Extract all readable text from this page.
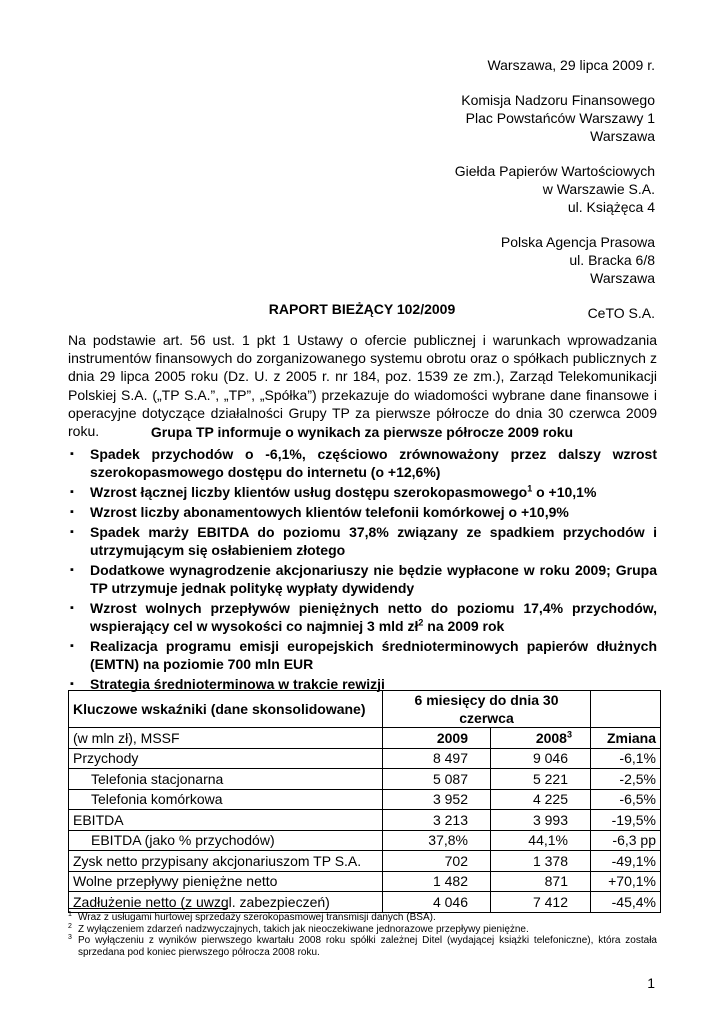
Warszawa, 29 lipca 2009 r.
Komisja Nadzoru Finansowego
Plac Powstańców Warszawy 1
Warszawa
Giełda Papierów Wartościowych
w Warszawie S.A.
ul. Książęca 4
Polska Agencja Prasowa
ul. Bracka 6/8
Warszawa
CeTO S.A.
RAPORT BIEŻĄCY 102/2009
Na podstawie art. 56 ust. 1 pkt 1 Ustawy o ofercie publicznej i warunkach wprowadzania instrumentów finansowych do zorganizowanego systemu obrotu oraz o spółkach publicznych z dnia 29 lipca 2005 roku (Dz. U. z 2005 r. nr 184, poz. 1539 ze zm.), Zarząd Telekomunikacji Polskiej S.A. („TP S.A.”, „TP”, „Spółka”) przekazuje do wiadomości wybrane dane finansowe i operacyjne dotyczące działalności Grupy TP za pierwsze półrocze do dnia 30 czerwca 2009 roku.	Grupa TP informuje o wynikach za pierwsze półrocze 2009 roku
▪ Spadek przychodów o -6,1%, częściowo zrównoważony przez dalszy wzrost szerokopasmowego dostępu do internetu (o +12,6%)
▪ Wzrost łącznej liczby klientów usług dostępu szerokopasmowego$^1$ o +10,1%
▪ Wzrost liczby abonamentowych klientów telefonii komórkowej o +10,9%
▪ Spadek marży EBITDA do poziomu 37,8% związany ze spadkiem przychodów i utrzymującym się osłabieniem złotego
▪ Dodatkowe wynagrodzenie akcjonariuszy nie będzie wypłacone w roku 2009; Grupa TP utrzymuje jednak politykę wypłaty dywidendy
▪ Wzrost wolnych przepływów pieniężnych netto do poziomu 17,4% przychodów, wspierający cel w wysokości co najmniej 3 mld $zł^2$ na 2009 rok
▪ Realizacja programu emisji europejskich średnioterminowych papierów dłużnych (EMTN) na poziomie 700 mln EUR
▪ Strategia średnioterminowa w trakcie rewizji
Kluczowe wskaźniki (dane skonsolidowane)	6 miesięcy do dnia 30 czerwca		
(w mln zł), MSSF	2009	2008$^3$	Zmiana
Przychody	8 497	9 046	-6,1%
Telefonia stacjonarna	5 087	5 221	-2,5%
Telefonia komórkowa	3 952	4 225	-6,5%
EBITDA	3 213	3 993	-19,5%
EBITDA (jako % przychodów)	37,8%	44,1%	-6,3 pp
Zysk netto przypisany akcjonariuszom TP S.A.	702	1 378	-49,1%
Wolne przepływy pieniężne netto	1 482	871	+70,1%
Zadłużenie netto (z uwzgl. zabezpieczeń)	4 046	7 412	-45,4%
1 Wraz z usługami hurtowej sprzedaży szerokopasmowej transmisji danych (BSA).
2 Z wyłączeniem zdarzeń nadzwyczajnych, takich jak nieoczekiwane jednorazowe przepływy pieniężne.
3 Po wyłączeniu z wyników pierwszego kwartału 2008 roku spółki zależnej Ditel (wydającej książki telefoniczne), która została sprzedana pod koniec pierwszego półrocza 2008 roku.
1
